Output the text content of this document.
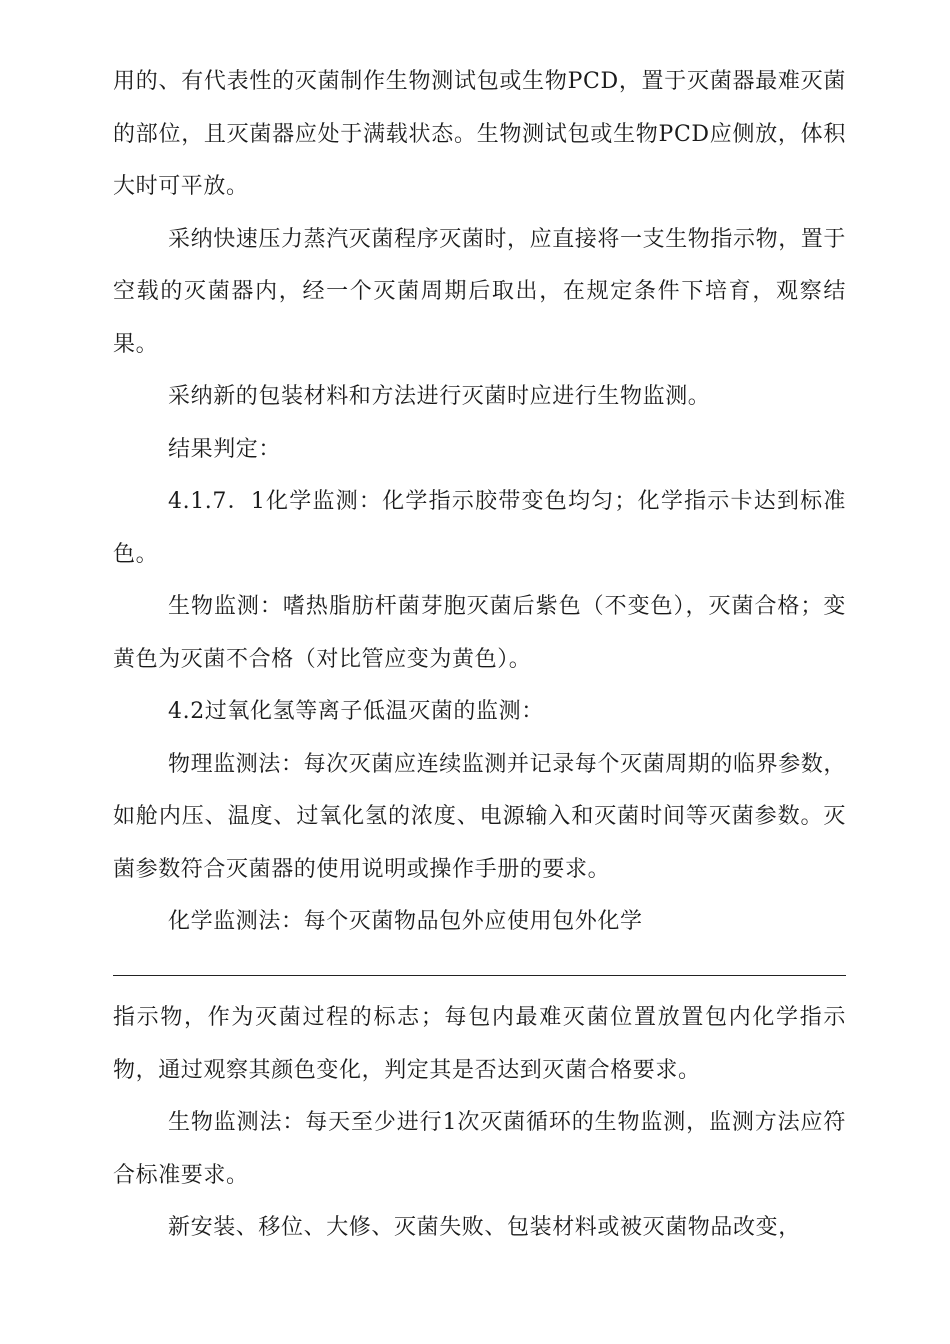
用的、有代表性的灭菌制作生物测试包或生物PCD，置于灭菌器最难灭菌的部位，且灭菌器应处于满载状态。生物测试包或生物PCD应侧放，体积大时可平放。

采纳快速压力蒸汽灭菌程序灭菌时，应直接将一支生物指示物，置于空载的灭菌器内，经一个灭菌周期后取出，在规定条件下培育，观察结果。

采纳新的包装材料和方法进行灭菌时应进行生物监测。

结果判定：

4.1.7．1化学监测：化学指示胶带变色均匀；化学指示卡达到标准色。

生物监测：嗜热脂肪杆菌芽胞灭菌后紫色（不变色），灭菌合格；变黄色为灭菌不合格（对比管应变为黄色）。

4.2过氧化氢等离子低温灭菌的监测：

物理监测法：每次灭菌应连续监测并记录每个灭菌周期的临界参数，如舱内压、温度、过氧化氢的浓度、电源输入和灭菌时间等灭菌参数。灭菌参数符合灭菌器的使用说明或操作手册的要求。

化学监测法：每个灭菌物品包外应使用包外化学

指示物，作为灭菌过程的标志；每包内最难灭菌位置放置包内化学指示物，通过观察其颜色变化，判定其是否达到灭菌合格要求。

生物监测法：每天至少进行1次灭菌循环的生物监测，监测方法应符合标准要求。

新安装、移位、大修、灭菌失败、包装材料或被灭菌物品改变，
